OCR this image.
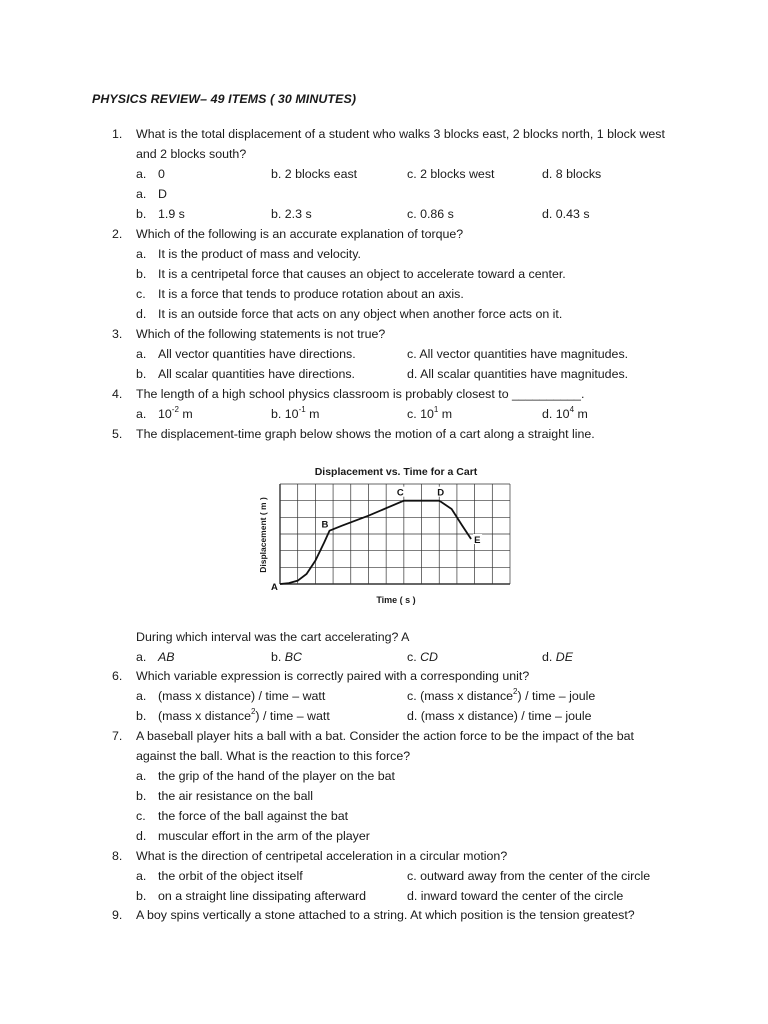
PHYSICS REVIEW– 49 ITEMS ( 30 MINUTES)
1. What is the total displacement of a student who walks 3 blocks east, 2 blocks north, 1 block west
and 2 blocks south?
a. 0	b. 2 blocks east	c. 2 blocks west	d. 8 blocks
a. D
b. 1.9 s	b. 2.3 s	c. 0.86 s	d. 0.43 s
2. Which of the following is an accurate explanation of torque?
a. It is the product of mass and velocity.
b. It is a centripetal force that causes an object to accelerate toward a center.
c. It is a force that tends to produce rotation about an axis.
d. It is an outside force that acts on any object when another force acts on it.
3. Which of the following statements is not true?
a. All vector quantities have directions.	c. All vector quantities have magnitudes.
b. All scalar quantities have directions.	d. All scalar quantities have magnitudes.
4. The length of a high school physics classroom is probably closest to __________.
a. $10^{-2}$ m	b. $10^{-1}$ m	c. $10^1$ m	d. $10^4$ m
5. The displacement-time graph below shows the motion of a cart along a straight line.
Displacement vs. Time for a Cart
A
B
C	D
E
Time ( s )
Displacement ( m )
During which interval was the cart accelerating? A
a. AB	b. BC	c. CD	d. DE
6. Which variable expression is correctly paired with a corresponding unit?
a. (mass x distance) / time – watt	c. (mass x distance$^2$) / time – joule
b. (mass x distance$^2$) / time – watt	d. (mass x distance) / time – joule
7. A baseball player hits a ball with a bat. Consider the action force to be the impact of the bat
against the ball. What is the reaction to this force?
a. the grip of the hand of the player on the bat
b. the air resistance on the ball
c. the force of the ball against the bat
d. muscular effort in the arm of the player
8. What is the direction of centripetal acceleration in a circular motion?
a. the orbit of the object itself	c. outward away from the center of the circle
b. on a straight line dissipating afterward	d. inward toward the center of the circle
9. A boy spins vertically a stone attached to a string. At which position is the tension greatest?
